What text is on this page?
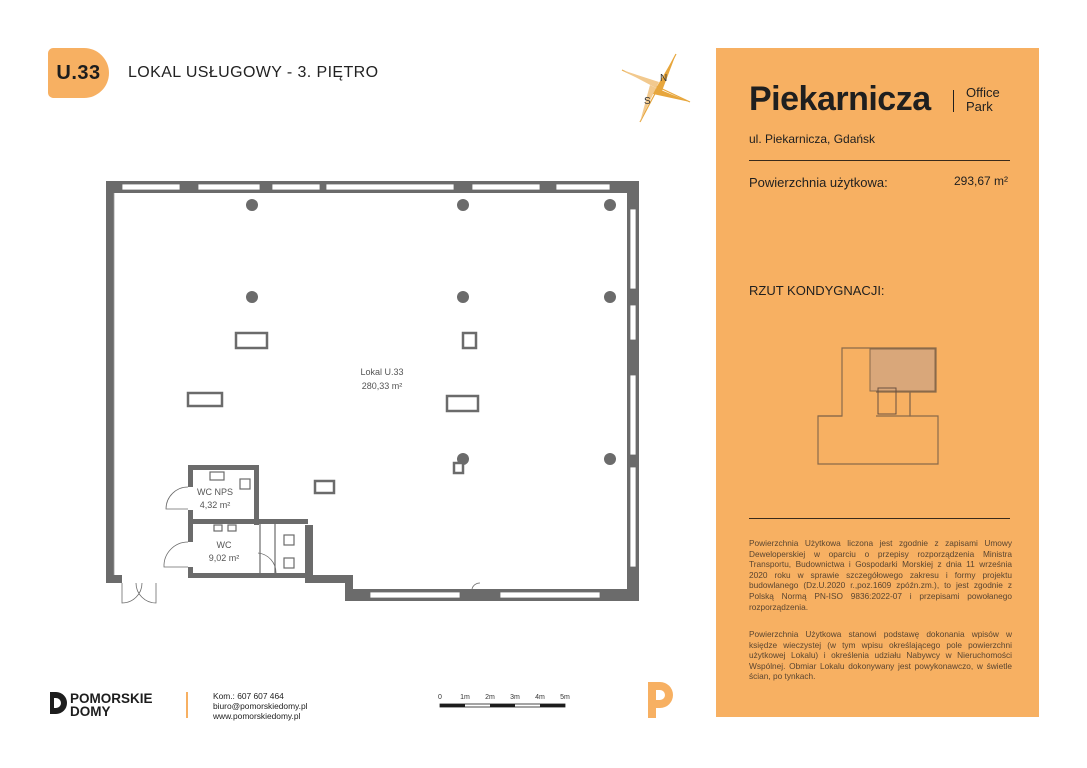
U.33 LOKAL USŁUGOWY - 3. PIĘTRO	N
S
Lokal U.33
280,33 m²
WC NPS
4,32 m²
WC
9,02 m²
Piekarnicza	Office
Park
ul. Piekarnicza, Gdańsk
Powierzchnia użytkowa:	293,67 m²
RZUT KONDYGNACJI:
Powierzchnia Użytkowa liczona jest zgodnie z zapisami Umowy Deweloperskiej w oparciu o przepisy rozporządzenia Ministra Transportu, Budownictwa i Gospodarki Morskiej z dnia 11 września 2020 roku w sprawie szczegółowego zakresu i formy projektu budowlanego (Dz.U.2020 r.,poz.1609 zpóźn.zm.), to jest zgodnie z Polską Normą PN-ISO 9836:2022-07 i przepisami powołanego rozporządzenia.
Powierzchnia Użytkowa stanowi podstawę dokonania wpisów w księdze wieczystej (w tym wpisu określającego pole powierzchni użytkowej Lokalu) i określenia udziału Nabywcy w Nieruchomości Wspólnej. Obmiar Lokalu dokonywany jest powykonawczo, w świetle ścian, po tynkach.
POMORSKIE
DOMY
Kom.: 607 607 464
biuro@pomorskiedomy.pl
www.pomorskiedomy.pl
0	1m 2m 3m 4m 5m
